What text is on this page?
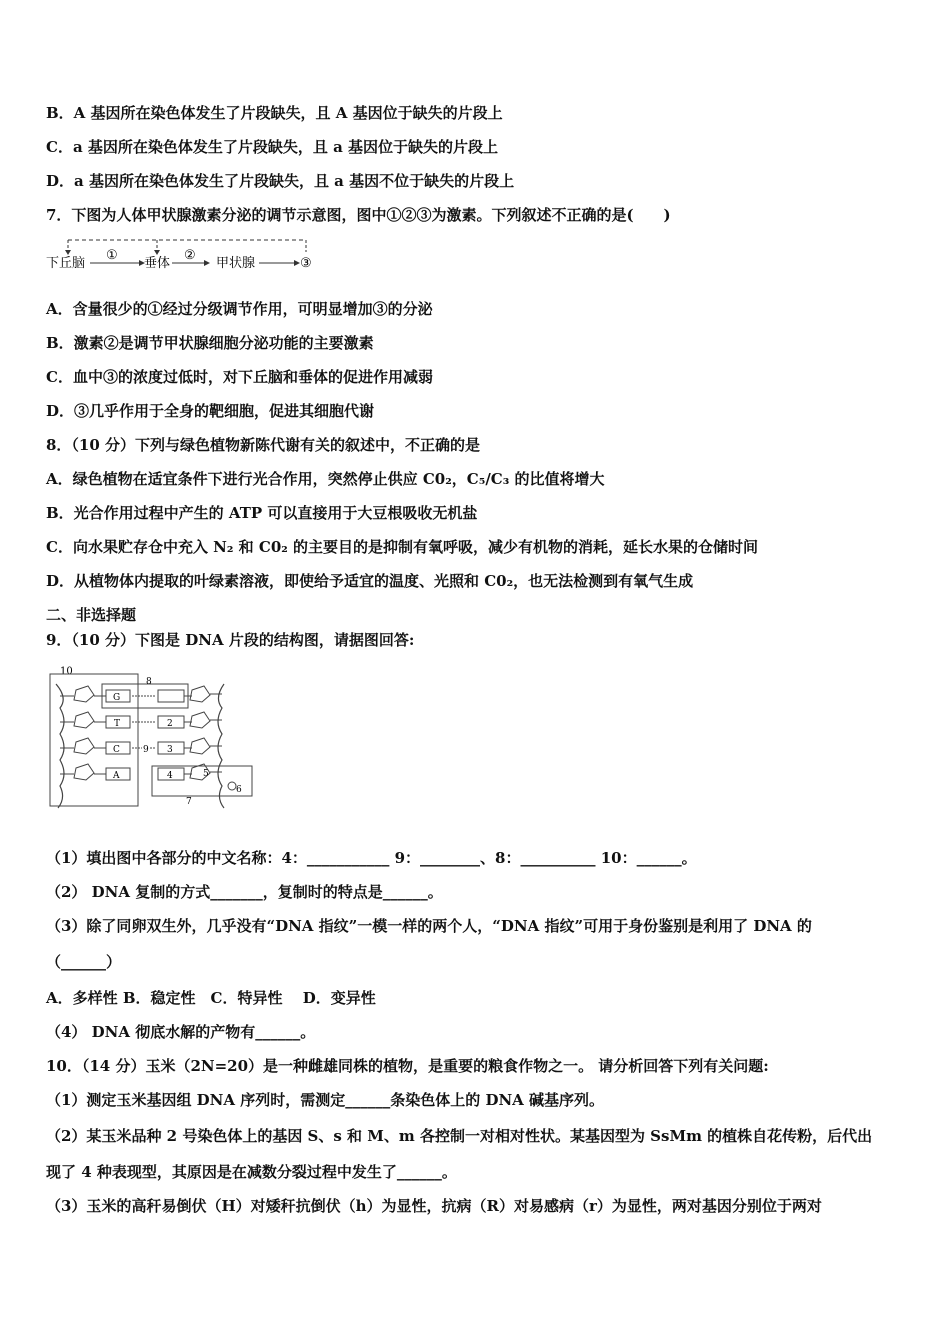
B．A 基因所在染色体发生了片段缺失，且 A 基因位于缺失的片段上
C．a 基因所在染色体发生了片段缺失，且 a 基因位于缺失的片段上
D．a 基因所在染色体发生了片段缺失，且 a 基因不位于缺失的片段上
7．下图为人体甲状腺激素分泌的调节示意图，图中①②③为激素。下列叙述不正确的是(　　)
下丘脑
①
垂体
②
甲状腺	③
A．含量很少的①经过分级调节作用，可明显增加③的分泌
B．激素②是调节甲状腺细胞分泌功能的主要激素
C．血中③的浓度过低时，对下丘脑和垂体的促进作用减弱
D．③几乎作用于全身的靶细胞，促进其细胞代谢
8．（10 分）下列与绿色植物新陈代谢有关的叙述中，不正确的是
A．绿色植物在适宜条件下进行光合作用，突然停止供应 C0₂，C₅/C₃ 的比值将增大
B．光合作用过程中产生的 ATP 可以直接用于大豆根吸收无机盐
C．向水果贮存仓中充入 N₂ 和 C0₂ 的主要目的是抑制有氧呼吸，减少有机物的消耗，延长水果的仓储时间
D．从植物体内提取的叶绿素溶液，即使给予适宜的温度、光照和 C0₂，也无法检测到有氧气生成
二、非选择题
9．（10 分）下图是 DNA 片段的结构图，请据图回答:
10
8
7
G
T
C
A
2
3
4
9
5
6
（1）填出图中各部分的中文名称：4：___________ 9：________、8：__________ 10：______。
（2） DNA 复制的方式_______，复制时的特点是______。
（3）除了同卵双生外，几乎没有“DNA 指纹”一模一样的两个人，“DNA 指纹”可用于身份鉴别是利用了 DNA 的
（______）
A．多样性 B．稳定性　C．特异性　 D．变异性
（4） DNA 彻底水解的产物有______。
10．（14 分）玉米（2N=20）是一种雌雄同株的植物，是重要的粮食作物之一。 请分析回答下列有关问题:
（1）测定玉米基因组 DNA 序列时，需测定______条染色体上的 DNA 碱基序列。
（2）某玉米品种 2 号染色体上的基因 S、s 和 M、m 各控制一对相对性状。某基因型为 SsMm 的植株自花传粉，后代出
现了 4 种表现型，其原因是在减数分裂过程中发生了______。
（3）玉米的高秆易倒伏（H）对矮秆抗倒伏（h）为显性，抗病（R）对易感病（r）为显性，两对基因分别位于两对
